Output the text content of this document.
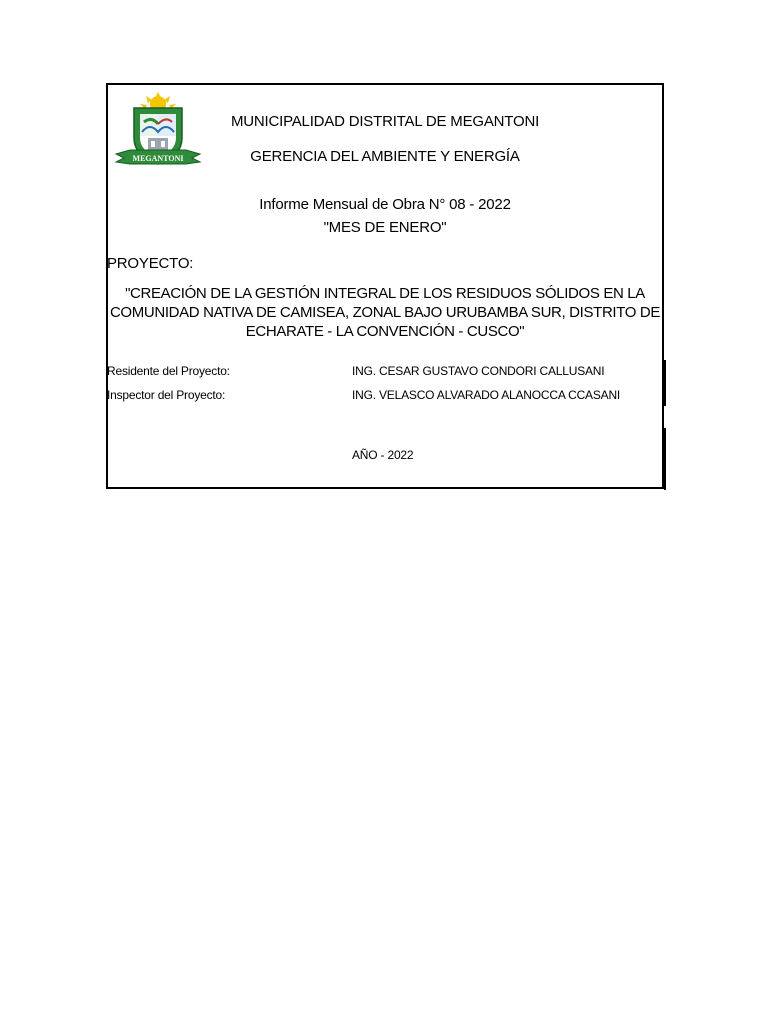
MEGANTONI
MUNICIPALIDAD DISTRITAL DE MEGANTONI
GERENCIA DEL AMBIENTE Y ENERGÍA
Informe Mensual de Obra N° 08 - 2022
"MES DE ENERO"
PROYECTO:
"CREACIÓN DE LA GESTIÓN INTEGRAL DE LOS RESIDUOS SÓLIDOS EN LA COMUNIDAD NATIVA DE CAMISEA, ZONAL BAJO URUBAMBA SUR, DISTRITO DE ECHARATE - LA CONVENCIÓN - CUSCO"
Residente del Proyecto:	ING. CESAR GUSTAVO CONDORI CALLUSANI
Inspector del Proyecto:	ING. VELASCO ALVARADO ALANOCCA CCASANI
AÑO - 2022
